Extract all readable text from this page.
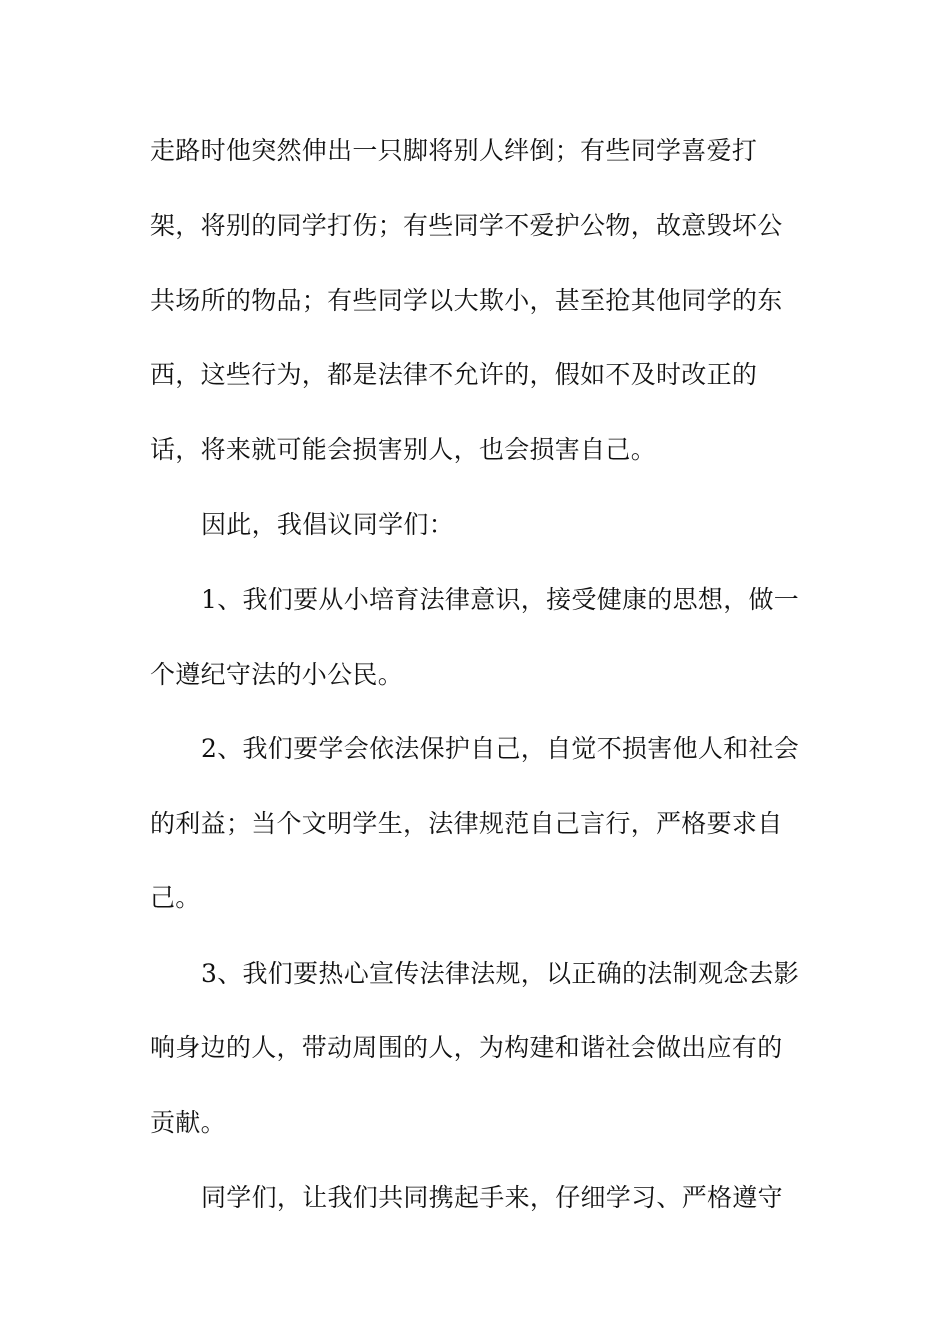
走路时他突然伸出一只脚将别人绊倒；有些同学喜爱打
架，将别的同学打伤；有些同学不爱护公物，故意毁坏公
共场所的物品；有些同学以大欺小，甚至抢其他同学的东
西，这些行为，都是法律不允许的，假如不及时改正的
话，将来就可能会损害别人，也会损害自己。
因此，我倡议同学们：
1、我们要从小培育法律意识，接受健康的思想，做一
个遵纪守法的小公民。
2、我们要学会依法保护自己，自觉不损害他人和社会
的利益；当个文明学生，法律规范自己言行，严格要求自
己。
3、我们要热心宣传法律法规，以正确的法制观念去影
响身边的人，带动周围的人，为构建和谐社会做出应有的
贡献。
同学们，让我们共同携起手来，仔细学习、严格遵守
